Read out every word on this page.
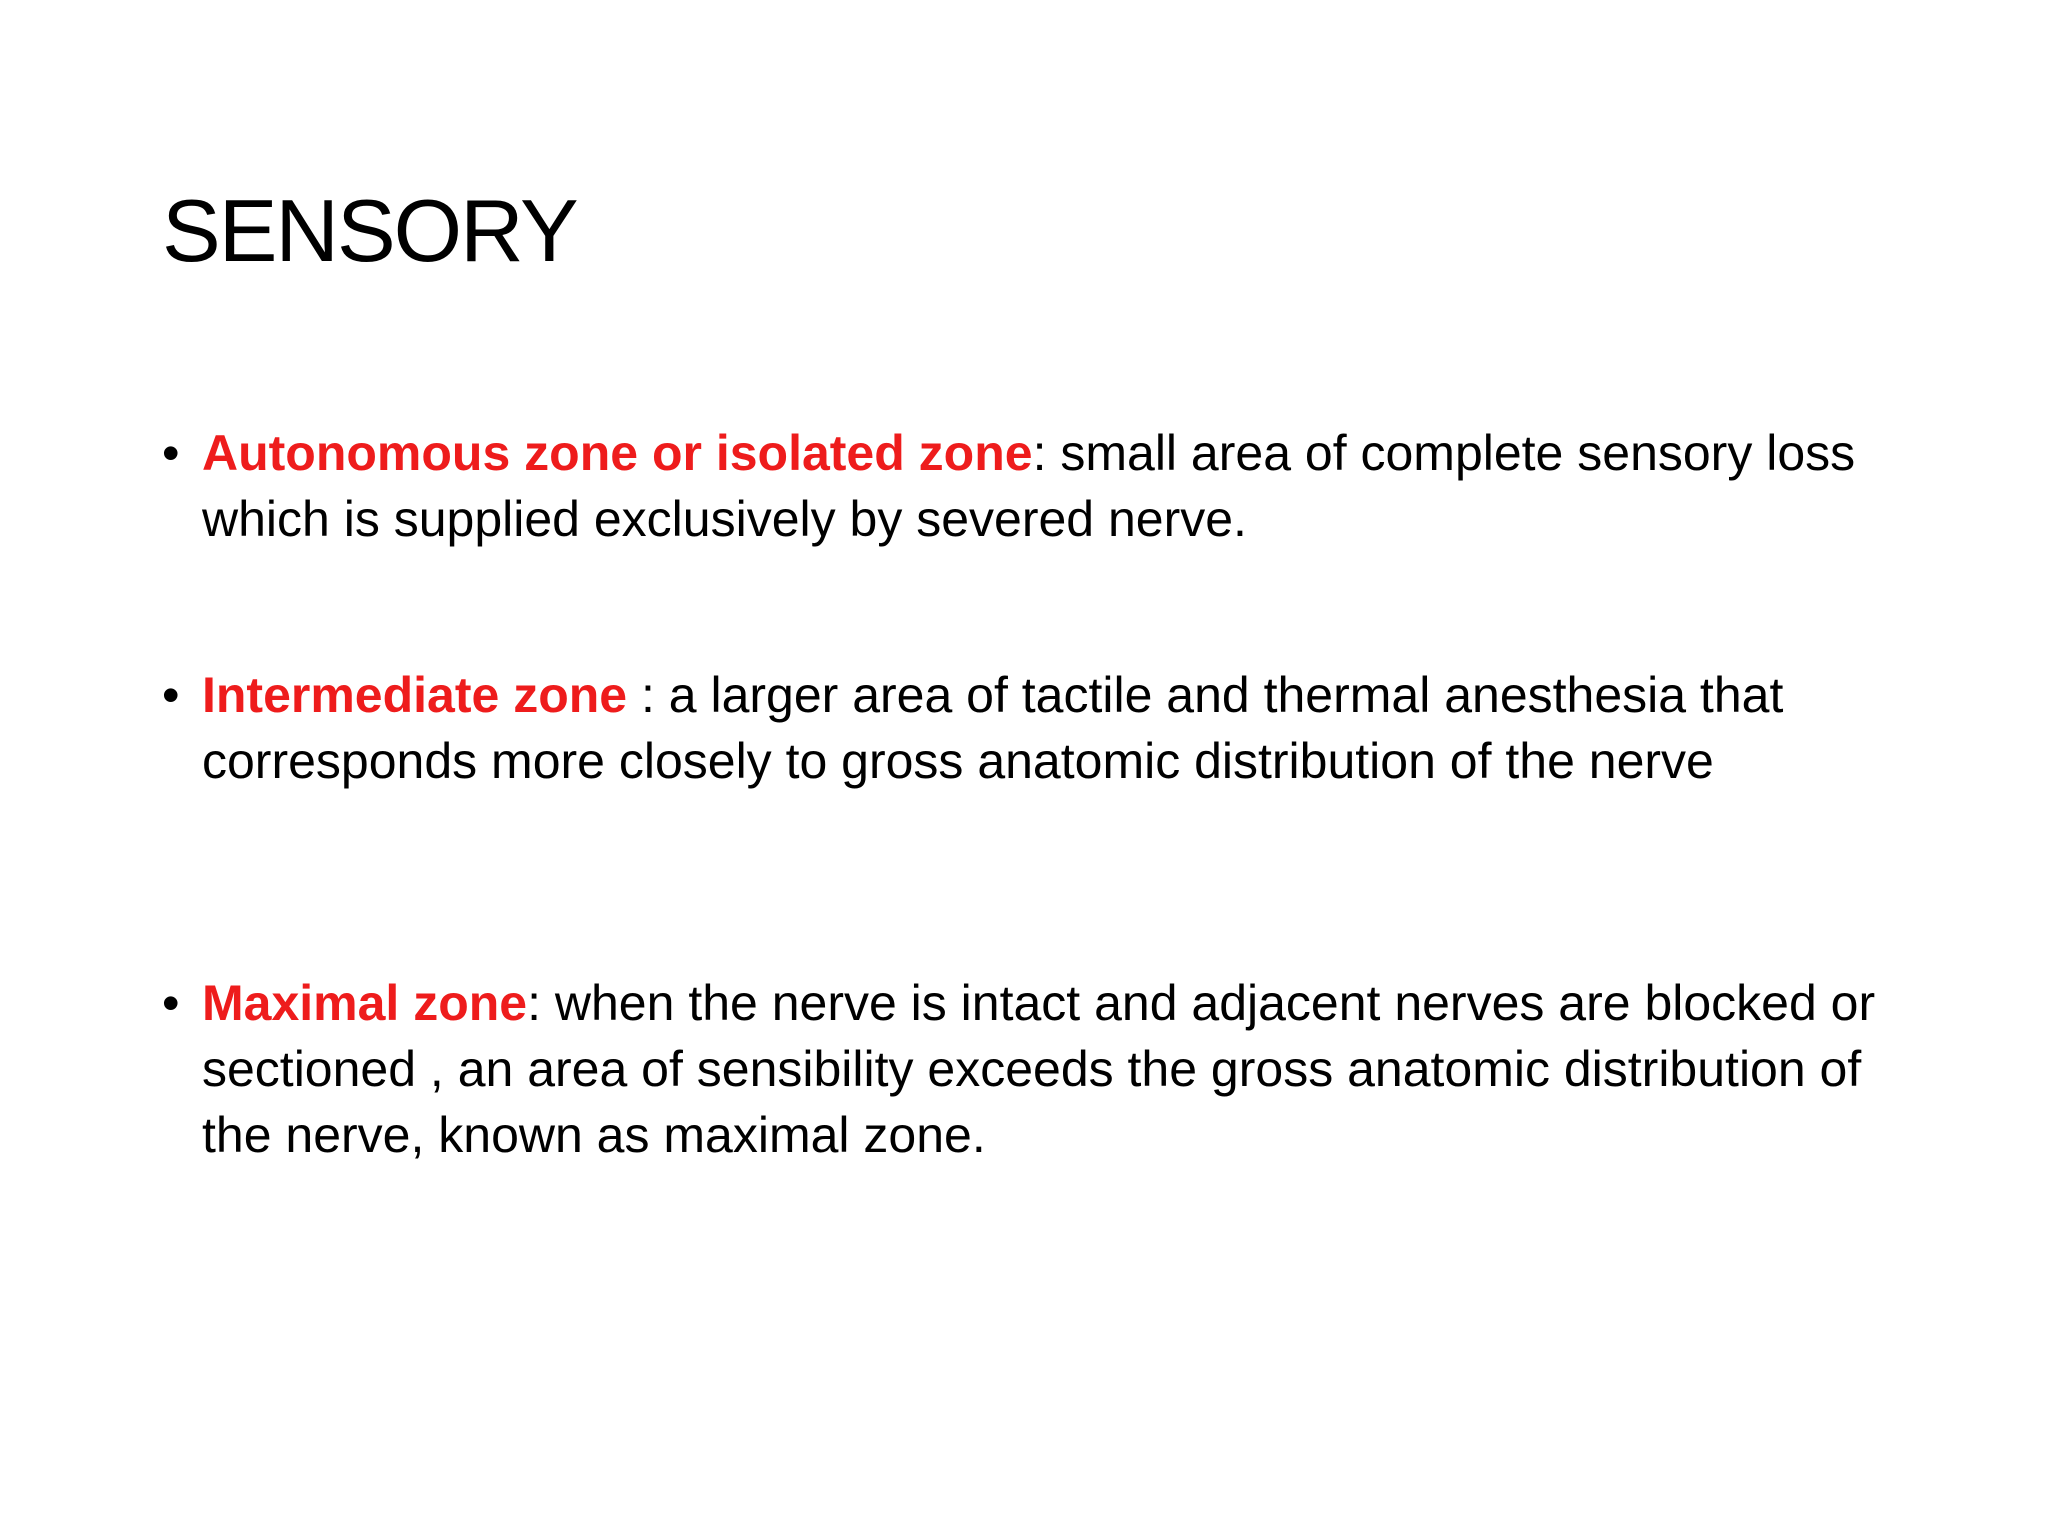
SENSORY
• Autonomous zone or isolated zone: small area of complete sensory loss which is supplied exclusively by severed nerve.
• Intermediate zone : a larger area of tactile and thermal anesthesia that corresponds more closely to gross anatomic distribution of the nerve
• Maximal zone: when the nerve is intact and adjacent nerves are blocked or sectioned , an area of sensibility exceeds the gross anatomic distribution of the nerve, known as maximal zone.
